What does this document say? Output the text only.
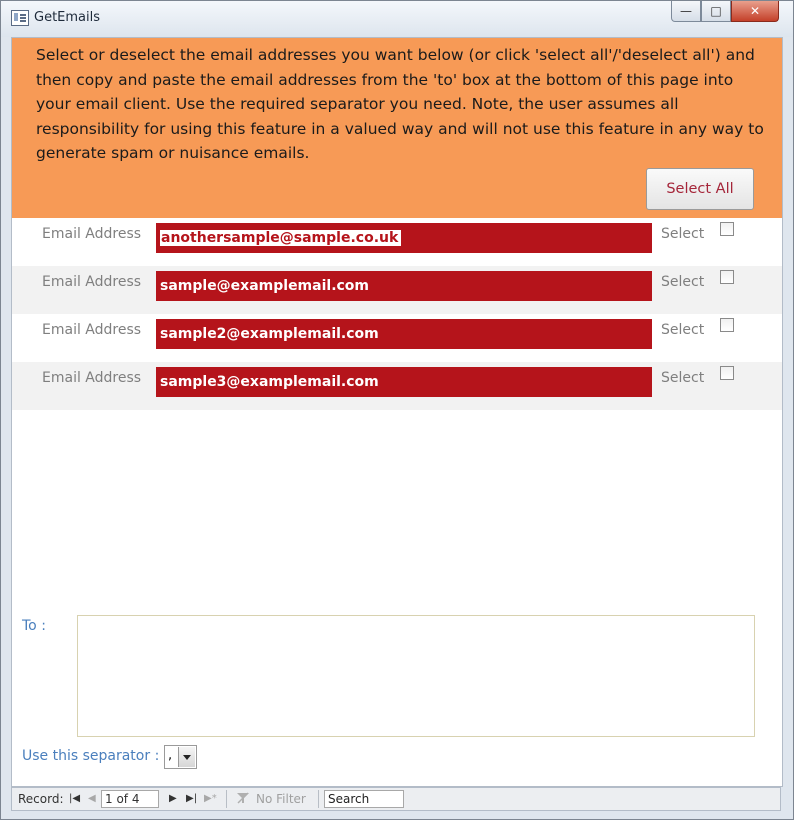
GetEmails	— □ ✕

Select or deselect the email addresses you want below (or click 'select all'/'deselect all') and then copy and paste the email addresses from the 'to' box at the bottom of this page into your email client. Use the required separator you need. Note, the user assumes all responsibility for using this feature in a valued way and will not use this feature in any way to generate spam or nuisance emails.

Select All
Email Address	anothersample@sample.co.uk	Select
Email Address sample@examplemail.com	Select
Email Address sample2@examplemail.com	Select
Email Address sample3@examplemail.com	Select
To :
Use this separator : ,
Record: |◀ ◀ 1 of 4	▶ ▶| ▶*	No Filter	Search
